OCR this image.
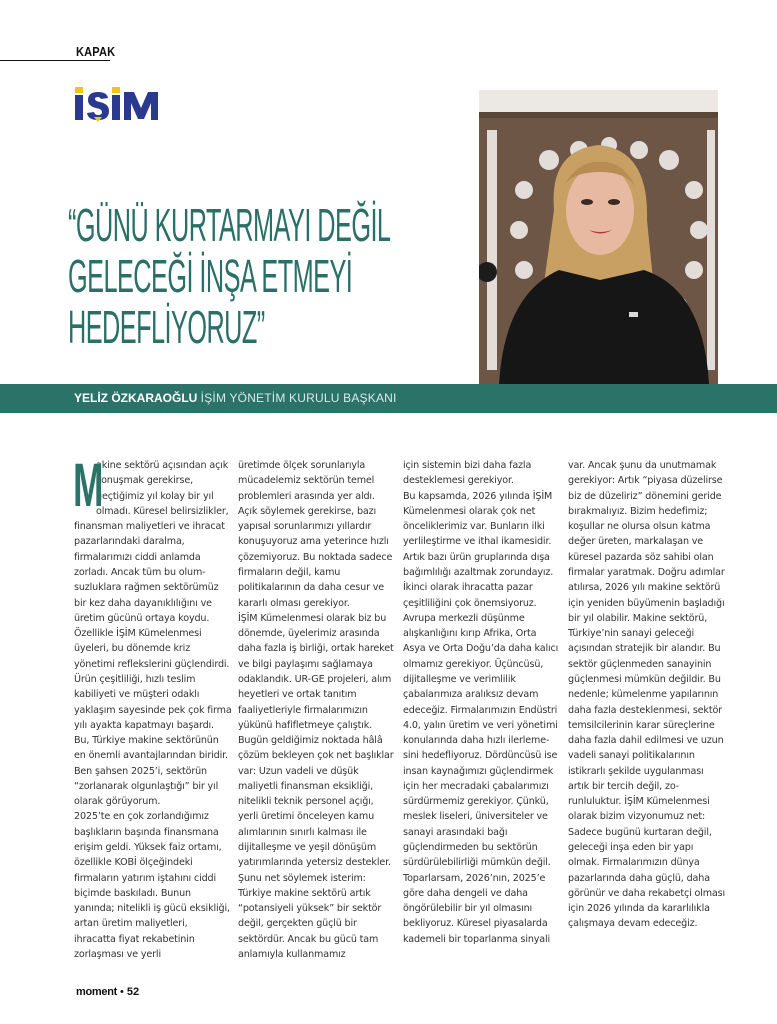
KAPAK
“GÜNÜ KURTARMAYI DEĞİL
GELECEĞİ İNŞA ETMEYİ
HEDEFLİYORUZ”
YELİZ ÖZKARAOĞLU İŞİM YÖNETİM KURULU BAŞKANI

M
akine sektörü açısından açık konuşmak gerekirse, geçtiğimiz yıl kolay bir yıl olmadı. Küresel belirsizlikler, finansman maliyetleri ve ihracat pazarlarındaki daralma, firmalarımızı ciddi anlamda zorladı. Ancak tüm bu olumsuzluklara rağmen sektörümüz bir kez daha dayanıklılığını ve üretim gücünü ortaya koydu. Özellikle İŞİM Kümelenmesi üyeleri, bu dönemde kriz yönetimi reflekslerini güçlendirdi. Ürün çeşitliliği, hızlı teslim kabiliyeti ve müşteri odaklı yaklaşım sayesinde pek çok firma yılı ayakta kapatmayı başardı. Bu, Türkiye makine sektörünün en önemli avantajlarından biridir. Ben şahsen 2025’i, sektörün “zorlanarak olgunlaştığı” bir yıl olarak görüyorum.

2025’te en çok zorlandığımız başlıkların başında finansmana erişim geldi. Yüksek faiz ortamı, özellikle KOBİ ölçeğindeki firmaların yatırım iştahını ciddi biçimde baskıladı. Bunun yanında; nitelikli iş gücü eksikliği, artan üretim maliyetleri, ihracatta fiyat rekabetinin zorlaşması ve yerli

üretimde ölçek sorunlarıyla mücadelemiz sektörün temel problemleri arasında yer aldı. Açık söylemek gerekirse, bazı yapısal sorunlarımızı yıllardır konuşuyoruz ama yeterince hızlı çözemiyoruz. Bu noktada sadece firmaların değil, kamu politikalarının da daha cesur ve kararlı olması gerekiyor.

İŞİM Kümelenmesi olarak biz bu dönemde, üyelerimiz arasında daha fazla iş birliği, ortak hareket ve bilgi paylaşımı sağlamaya odaklandık. UR-GE projeleri, alım heyetleri ve ortak tanıtım faaliyetleriyle firmalarımızın yükünü hafifletmeye çalıştık. Bugün geldiğimiz noktada hâlâ çözüm bekleyen çok net başlıklar var: Uzun vadeli ve düşük maliyetli finansman eksikliği, nitelikli teknik personel açığı, yerli üretimi önceleyen kamu alımlarının sınırlı kalması ile dijitalleşme ve yeşil dönüşüm yatırımlarında yetersiz destekler. Şunu net söylemek isterim:

Türkiye makine sektörü artık “potansiyeli yüksek” bir sektör değil, gerçekten güçlü bir sektördür. Ancak bu gücü tam anlamıyla kullanmamız

için sistemin bizi daha fazla desteklemesi gerekiyor.

Bu kapsamda, 2026 yılında İŞİM Kümelenmesi olarak çok net önceliklerimiz var. Bunların ilki yerlileştirme ve ithal ikamesidir. Artık bazı ürün gruplarında dışa bağımlılığı azaltmak zorundayız. İkinci olarak ihracatta pazar çeşitliliğini çok önemsiyoruz. Avrupa merkezli düşünme alışkanlığını kırıp Afrika, Orta Asya ve Orta Doğu’da daha kalıcı olmamız gerekiyor. Üçüncüsü, dijitalleşme ve verimlilik çabalarımıza aralıksız devam edeceğiz. Firmalarımızın Endüstri 4.0, yalın üretim ve veri yönetimi konularında daha hızlı ilerlemesini hedefliyoruz. Dördüncüsü ise insan kaynağımızı güçlendirmek için her mecradaki çabalarımızı sürdürmemiz gerekiyor. Çünkü, meslek liseleri, üniversiteler ve sanayi arasındaki bağı güçlendirmeden bu sektörün sürdürülebilirliği mümkün değil.

Toparlarsam, 2026’nın, 2025’e göre daha dengeli ve daha öngörülebilir bir yıl olmasını bekliyoruz. Küresel piyasalarda kademeli bir toparlanma sinyali

var. Ancak şunu da unutmamak gerekiyor: Artık “piyasa düzelirse biz de düzeliriz” dönemini geride bırakmalıyız. Bizim hedefimiz; koşullar ne olursa olsun katma değer üreten, markalaşan ve küresel pazarda söz sahibi olan firmalar yaratmak. Doğru adımlar atılırsa, 2026 yılı makine sektörü için yeniden büyümenin başladığı bir yıl olabilir. Makine sektörü, Türkiye’nin sanayi geleceği açısından stratejik bir alandır. Bu sektör güçlenmeden sanayinin güçlenmesi mümkün değildir. Bu nedenle; kümelenme yapılarının daha fazla desteklenmesi, sektör temsilcilerinin karar süreçlerine daha fazla dahil edilmesi ve uzun vadeli sanayi politikalarının istikrarlı şekilde uygulanması artık bir tercih değil, zorunluluktur. İŞİM Kümelenmesi olarak bizim vizyonumuz net: Sadece bugünü kurtaran değil, geleceği inşa eden bir yapı olmak. Firmalarımızın dünya pazarlarında daha güçlü, daha görünür ve daha rekabetçi olması için 2026 yılında da kararlılıkla çalışmaya devam edeceğiz.

moment • 52
